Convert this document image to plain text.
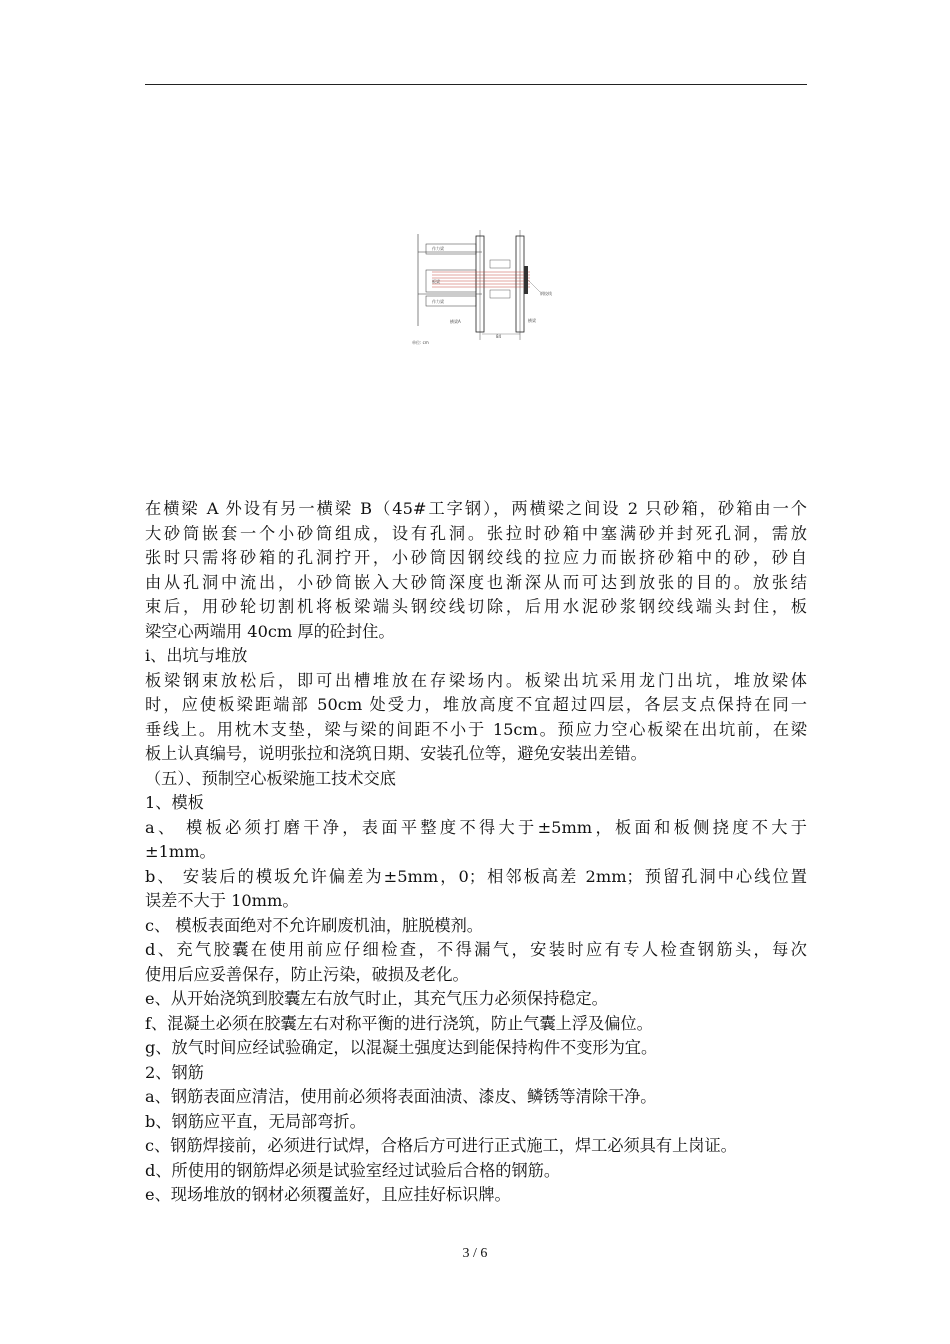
作力梁
板梁
作力梁
横梁A	横梁
钢绞线
84
单位: cm
在横梁 A 外设有另一横梁 B（45#工字钢），两横梁之间设 2 只砂箱，砂箱由一个
大砂筒嵌套一个小砂筒组成，设有孔洞。张拉时砂箱中塞满砂并封死孔洞，需放
张时只需将砂箱的孔洞拧开，小砂筒因钢绞线的拉应力而嵌挤砂箱中的砂，砂自
由从孔洞中流出，小砂筒嵌入大砂筒深度也渐深从而可达到放张的目的。放张结
束后，用砂轮切割机将板梁端头钢绞线切除，后用水泥砂浆钢绞线端头封住，板
梁空心两端用 40cm 厚的砼封住。
i、出坑与堆放
板梁钢束放松后，即可出槽堆放在存梁场内。板梁出坑采用龙门出坑，堆放梁体
时，应使板梁距端部 50cm 处受力，堆放高度不宜超过四层，各层支点保持在同一
垂线上。用枕木支垫，梁与梁的间距不小于 15cm。预应力空心板梁在出坑前，在梁
板上认真编号，说明张拉和浇筑日期、安装孔位等，避免安装出差错。
（五）、预制空心板梁施工技术交底
1、模板
a、 模板必须打磨干净，表面平整度不得大于±5mm，板面和板侧挠度不大于
±1mm。
b、 安装后的模坂允许偏差为±5mm，0；相邻板高差 2mm；预留孔洞中心线位置
误差不大于 10mm。
c、 模板表面绝对不允许刷废机油，脏脱模剂。
d、充气胶囊在使用前应仔细检查，不得漏气，安装时应有专人检查钢筋头，每次
使用后应妥善保存，防止污染，破损及老化。
e、从开始浇筑到胶囊左右放气时止，其充气压力必须保持稳定。
f、混凝土必须在胶囊左右对称平衡的进行浇筑，防止气囊上浮及偏位。
g、放气时间应经试验确定，以混凝土强度达到能保持构件不变形为宜。
2、钢筋
a、钢筋表面应清洁，使用前必须将表面油渍、漆皮、鳞锈等清除干净。
b、钢筋应平直，无局部弯折。
c、钢筋焊接前，必须进行试焊，合格后方可进行正式施工，焊工必须具有上岗证。
d、所使用的钢筋焊必须是试验室经过试验后合格的钢筋。
e、现场堆放的钢材必须覆盖好，且应挂好标识牌。
3 / 6
